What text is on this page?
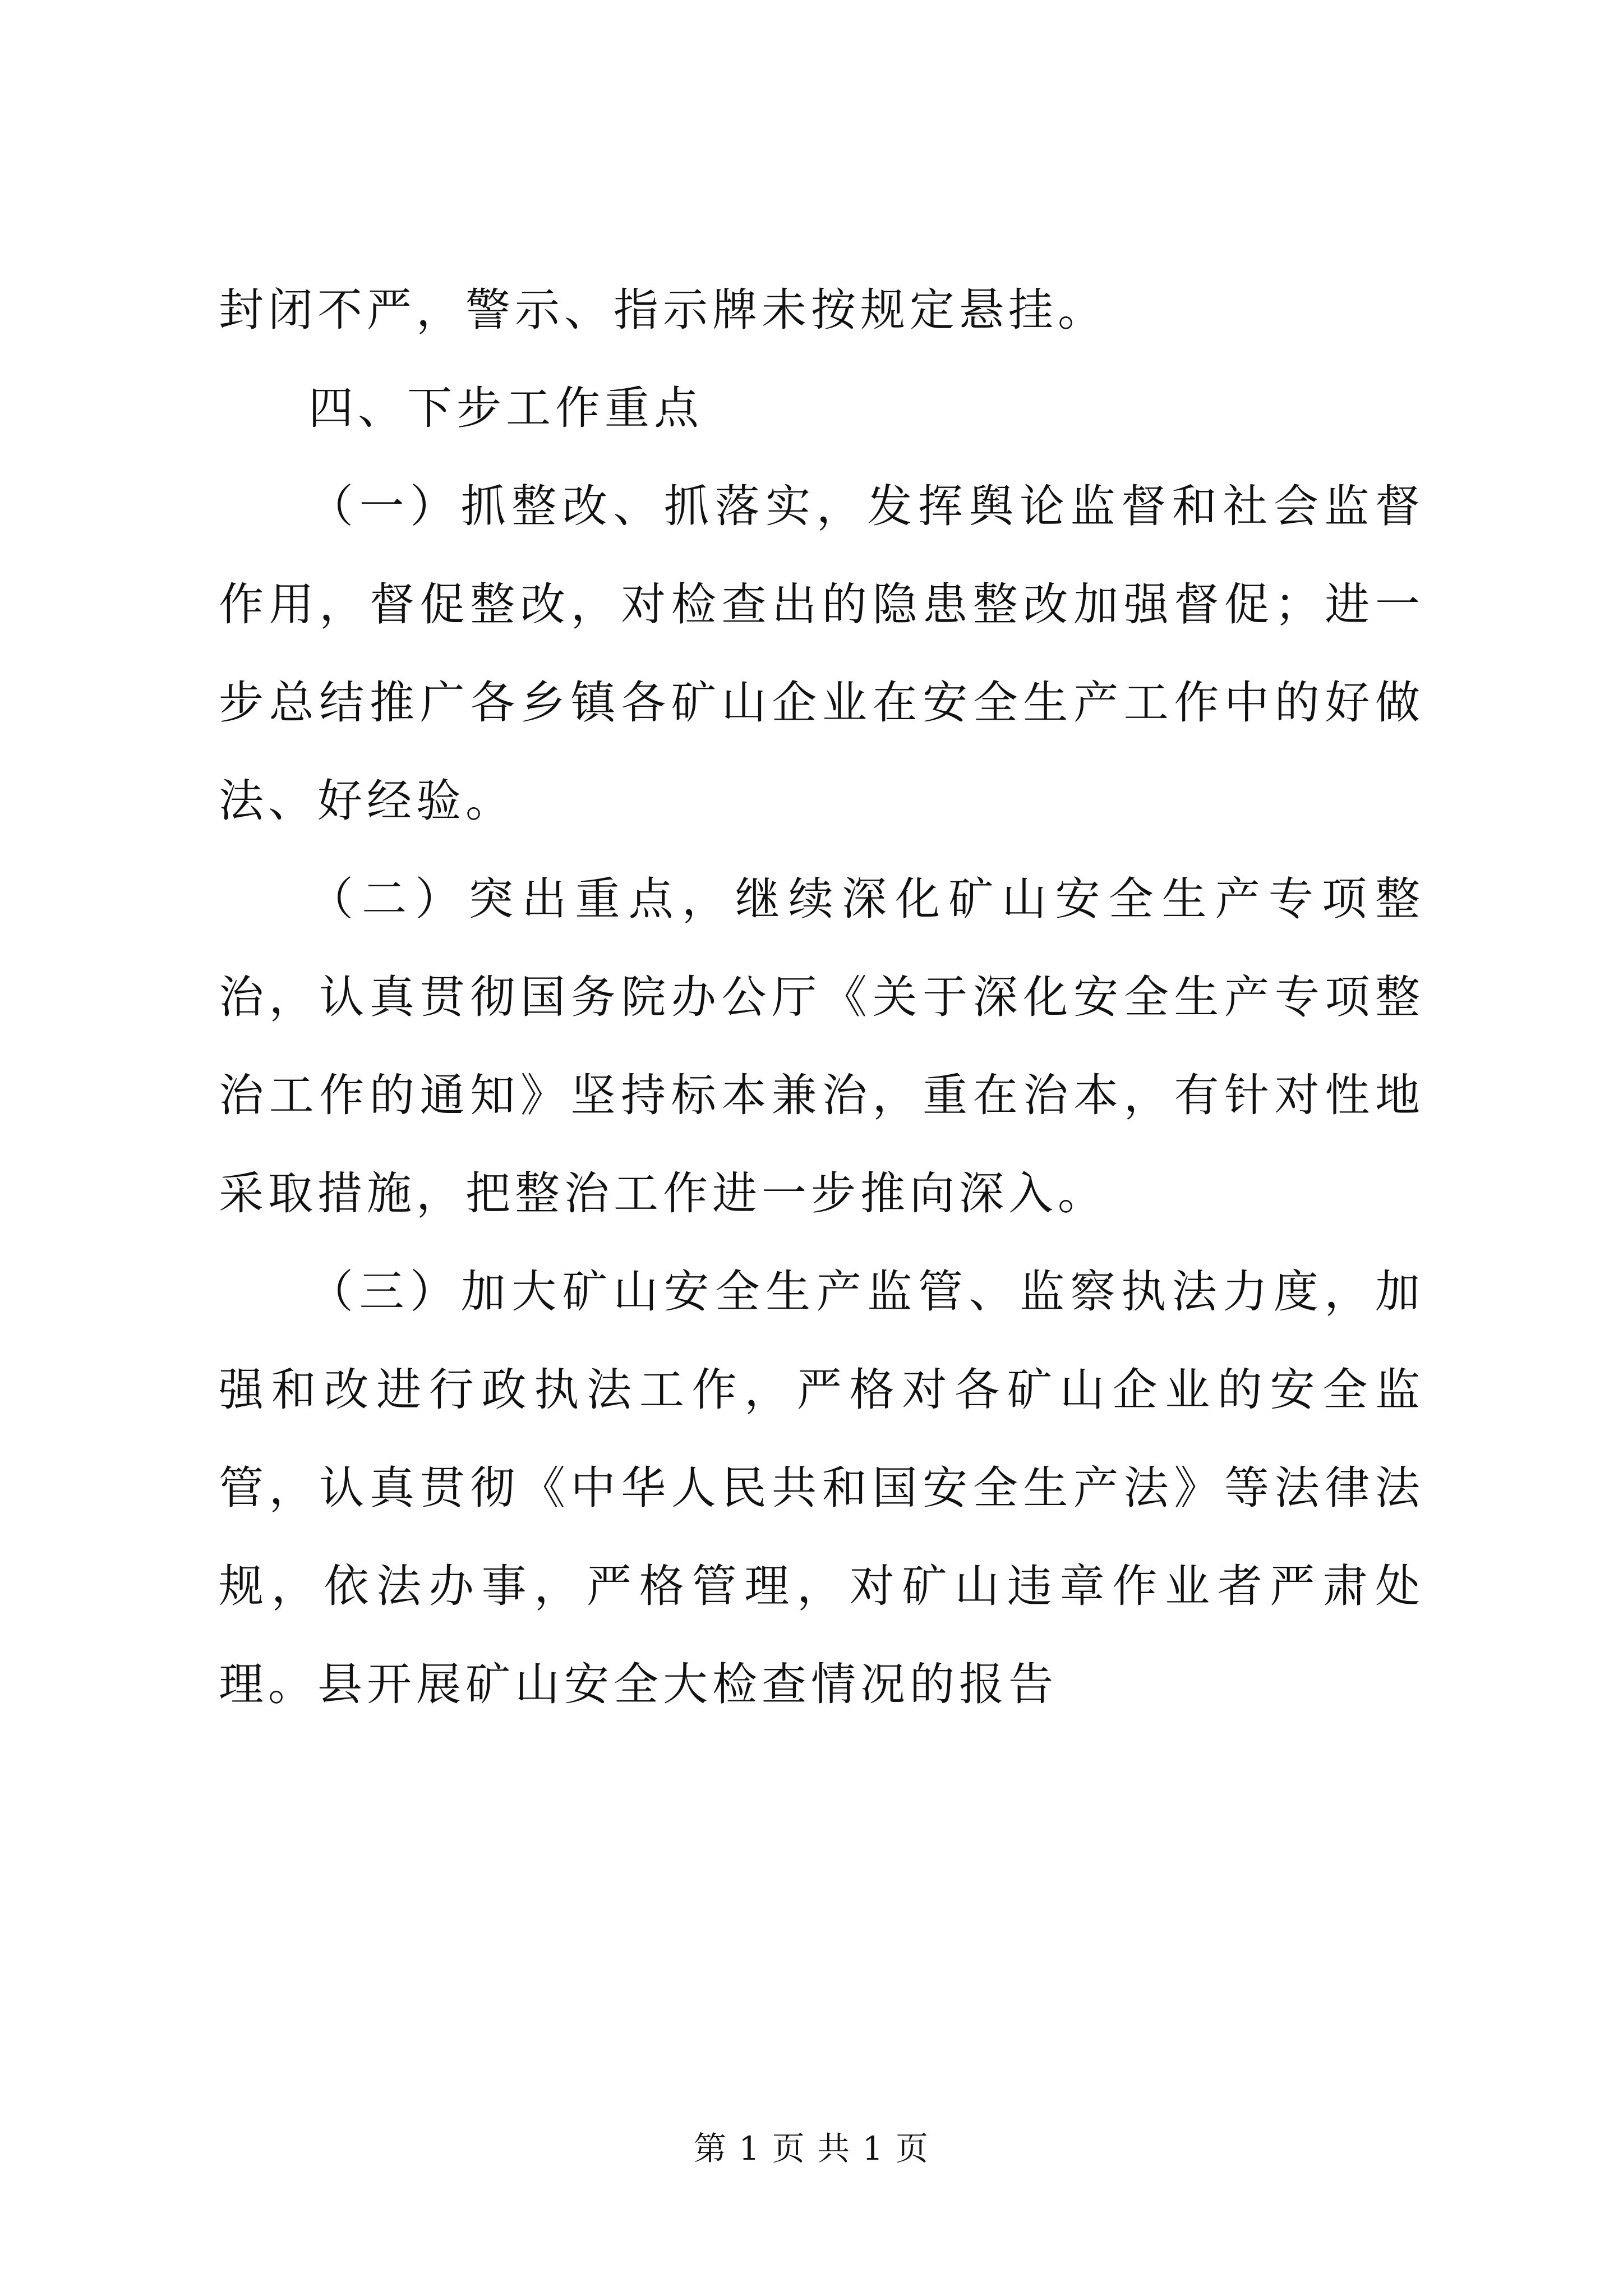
封闭不严，警示、指示牌未按规定悬挂。

四、下步工作重点

（一）抓整改、抓落实，发挥舆论监督和社会监督作用，督促整改，对检查出的隐患整改加强督促；进一步总结推广各乡镇各矿山企业在安全生产工作中的好做法、好经验。

（二）突出重点，继续深化矿山安全生产专项整治，认真贯彻国务院办公厅《关于深化安全生产专项整治工作的通知》坚持标本兼治，重在治本，有针对性地采取措施，把整治工作进一步推向深入。

（三）加大矿山安全生产监管、监察执法力度，加强和改进行政执法工作，严格对各矿山企业的安全监管，认真贯彻《中华人民共和国安全生产法》等法律法规，依法办事，严格管理，对矿山违章作业者严肃处理。县开展矿山安全大检查情况的报告

第 1 页 共 1 页
